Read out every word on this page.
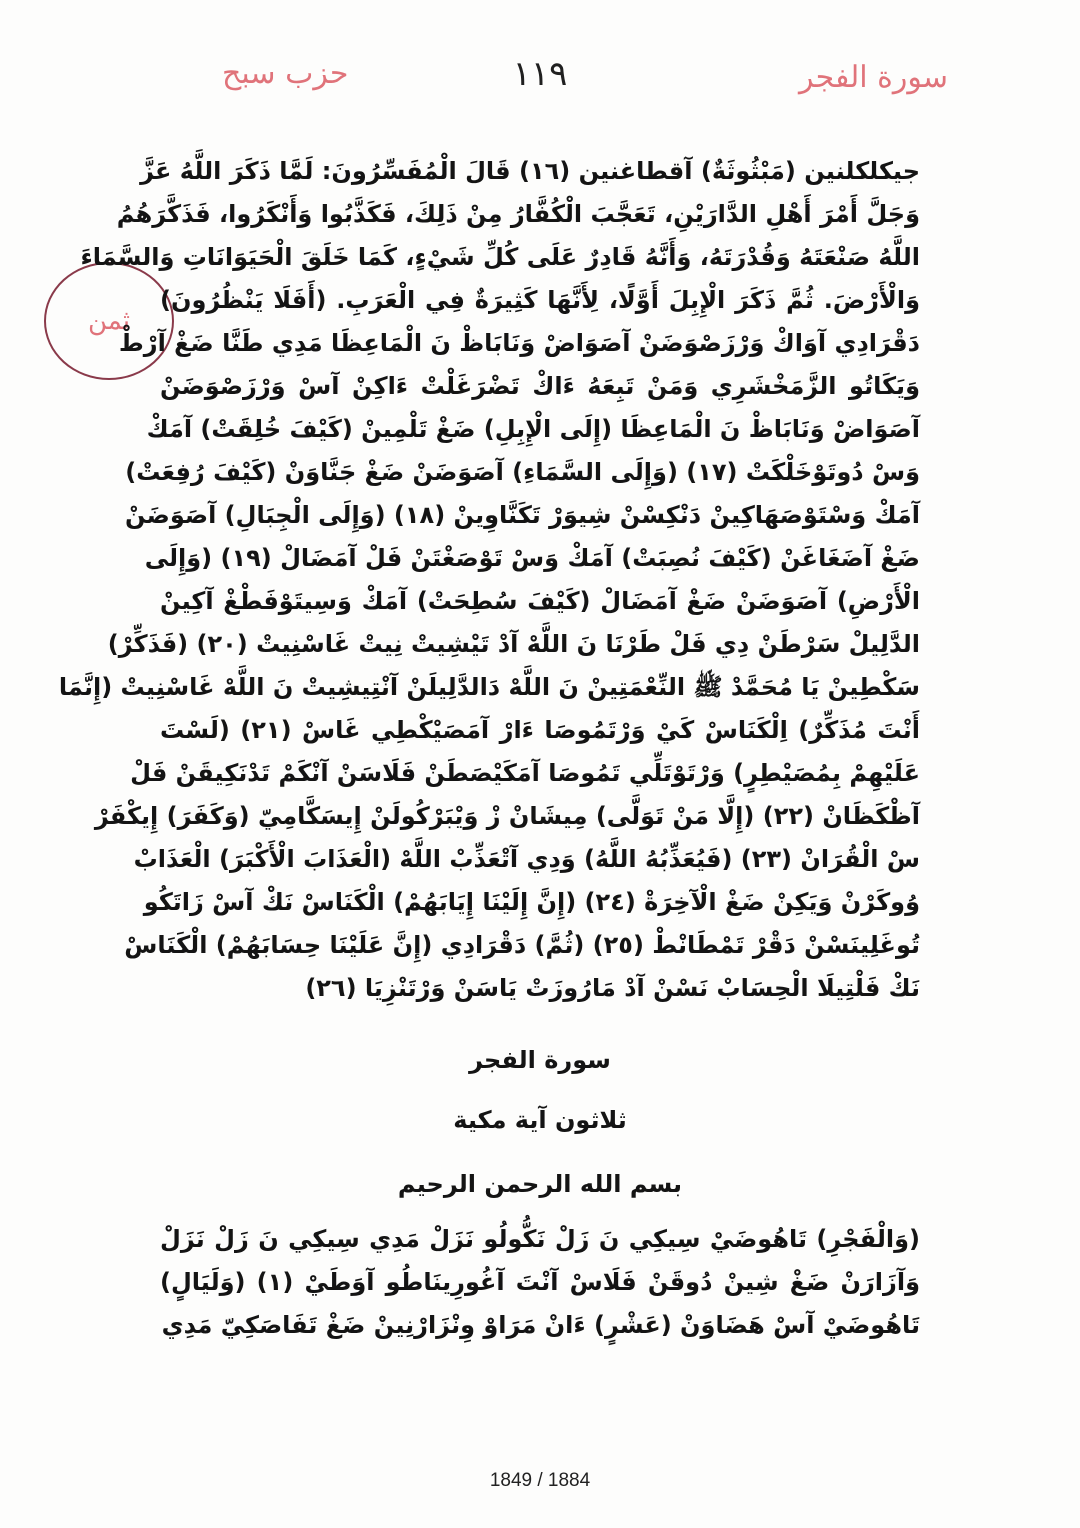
حزب سبح	١١٩	سورة الفجر
ثمن
جيكلكلنين (مَبْثُوثَةٌ) آقطاغنين (١٦) قَالَ الْمُفَسِّرُونَ: لَمَّا ذَكَرَ اللَّهُ عَزَّ
وَجَلَّ أَمْرَ أَهْلِ الدَّارَيْنِ، تَعَجَّبَ الْكُفَّارُ مِنْ ذَلِكَ، فَكَذَّبُوا وَأَنْكَرُوا، فَذَكَّرَهُمُ
اللَّهُ صَنْعَتَهُ وَقُدْرَتَهُ، وَأَنَّهُ قَادِرٌ عَلَى كُلِّ شَيْءٍ، كَمَا خَلَقَ الْحَيَوَانَاتِ وَالسَّمَاءَ
وَالْأَرْضَ. ثُمَّ ذَكَرَ الْإِبِلَ أَوَّلًا، لِأَنَّهَا كَثِيرَةٌ فِي الْعَرَبِ. (أَفَلَا يَنْظُرُونَ)
دَقْرَادِي آوَاكْ وَرْزَصْوَضَنْ آصَوَاضْ وَنَابَاظْ نَ الْمَاعِظَا مَدِي طَنَّا ضَغْ آرْطْ
وَيَكَاتُو الزَّمَخْشَرِي وَمَنْ تَبِعَهُ ءَاكْ تَضْرَغَلْتْ ءَاكِنْ آسْ وَرْزَصْوَضَنْ
آصَوَاضْ وَنَابَاظْ نَ الْمَاعِظَا (إِلَى الْإِبِلِ) ضَغْ تَلْمِينْ (كَيْفَ خُلِقَتْ) آمَكْ
وَسْ دُوتَوْخَلْكَتْ (١٧) (وَإِلَى السَّمَاءِ) آصَوَضَنْ ضَغْ جَنَّاوَنْ (كَيْفَ رُفِعَتْ)
آمَكْ وَسْتَوْصَهَاكِينْ دَنْكِسْنْ شِيوَرْ تَكَنَّاوِينْ (١٨) (وَإِلَى الْجِبَالِ) آصَوَضَنْ
ضَغْ آضَغَاغَنْ (كَيْفَ نُصِبَتْ) آمَكْ وَسْ تَوْصَغْتَنْ فَلْ آمَضَالْ (١٩) (وَإِلَى
الْأَرْضِ) آصَوَضَنْ ضَغْ آمَضَالْ (كَيْفَ سُطِحَتْ) آمَكْ وَسِيتَوْفَطْغْ آكِينْ
الدَّلِيلْ سَرْطَنْ دِي فَلْ طَرْنَا نَ اللَّهْ آدْ تَيْشِيتْ نِيتْ غَاسْنِيتْ (٢٠) (فَذَكِّرْ)
سَكْطِينْ يَا مُحَمَّدْ ﷺ النِّعْمَتِينْ نَ اللَّهْ دَالدَّلِيلَنْ آنْتِيشِيتْ نَ اللَّهْ غَاسْنِيتْ (إِنَّمَا
أَنْتَ مُذَكِّرٌ) اِلْكَنَاسْ كَيْ وَرْتَمُوصَا ءَارْ آمَصَيْكْطِي غَاسْ (٢١) (لَسْتَ
عَلَيْهِمْ بِمُصَيْطِرٍ) وَرْتَوْتَلِّي تَمُوصَا آمَكَيْصَطَنْ فَلَاسَنْ آنْكَمْ تَدْنَكِيقَنْ فَلْ
آظْكَظَانْ (٢٢) (إِلَّا مَنْ تَوَلَّى) مِيشَانْ زْ وَيْبَرْكُولَنْ إِيسَكَّامِيّ (وَكَفَرَ) إِيكْفَرْ
سْ الْقُرَانْ (٢٣) (فَيُعَذِّبُهُ اللَّهُ) وَدِي آتْعَذِّبْ اللَّهْ (الْعَذَابَ الْأَكْبَرَ) الْعَذَابْ
وُوكَرْنْ وَيَكِنْ ضَغْ الْآخِرَةْ (٢٤) (إِنَّ إِلَيْنَا إِيَابَهُمْ) الْكَنَاسْ نَكْ آسْ زَاتَكُو
تُوغَلِينَسْنْ دَقْرْ تَمْطَانْطْ (٢٥) (ثُمَّ) دَقْرَادِي (إِنَّ عَلَيْنَا حِسَابَهُمْ) الْكَنَاسْ
نَكْ فَلْتِيلَا الْحِسَابْ نَسْنْ آدْ مَارُوزَتْ يَاسَنْ وَرْتَنْزِيَا (٢٦)
سورة الفجر
ثلاثون آية مكية
بسم الله الرحمن الرحيم
(وَالْفَجْرِ) تَاهُوضَيْ سِيكِي نَ زَلْ نَكُّولُو نَزَلْ مَدِي سِيكِي نَ زَلْ نَزَلْ
وَآزَارَنْ ضَغْ شِينْ دُوقَنْ فَلَاسْ آنْتَ آغُورِينَاطُو آوَطَيْ (١) (وَلَيَالٍ)
تَاهُوضَيْ آسْ هَضَاوَنْ (عَشْرٍ) ءَانْ مَرَاوْ وِنْزَارْنِينْ ضَغْ تَفَاصَكِيّ مَدِي
1849 / 1884
